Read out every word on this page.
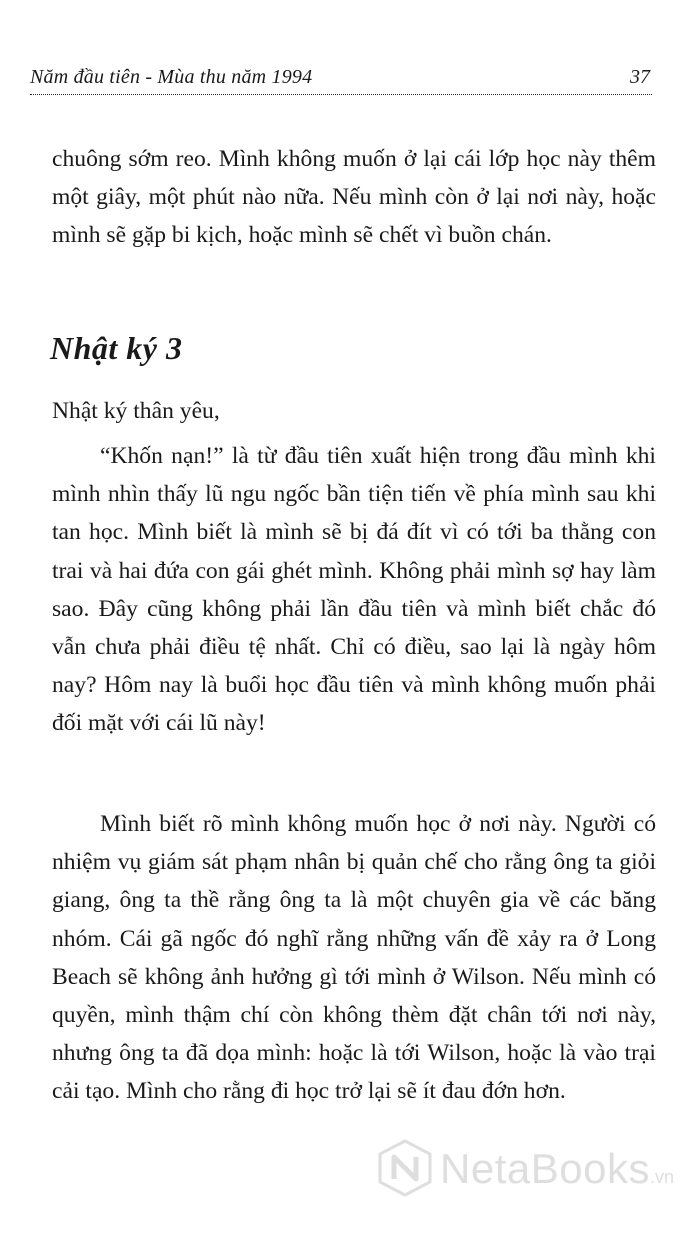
Năm đầu tiên - Mùa thu năm 1994	37

chuông sớm reo. Mình không muốn ở lại cái lớp học này thêm một giây, một phút nào nữa. Nếu mình còn ở lại nơi này, hoặc mình sẽ gặp bi kịch, hoặc mình sẽ chết vì buồn chán.

Nhật ký 3
Nhật ký thân yêu,

“Khốn nạn!” là từ đầu tiên xuất hiện trong đầu mình khi mình nhìn thấy lũ ngu ngốc bần tiện tiến về phía mình sau khi tan học. Mình biết là mình sẽ bị đá đít vì có tới ba thằng con trai và hai đứa con gái ghét mình. Không phải mình sợ hay làm sao. Đây cũng không phải lần đầu tiên và mình biết chắc đó vẫn chưa phải điều tệ nhất. Chỉ có điều, sao lại là ngày hôm nay? Hôm nay là buổi học đầu tiên và mình không muốn phải đối mặt với cái lũ này!

Mình biết rõ mình không muốn học ở nơi này. Người có nhiệm vụ giám sát phạm nhân bị quản chế cho rằng ông ta giỏi giang, ông ta thề rằng ông ta là một chuyên gia về các băng nhóm. Cái gã ngốc đó nghĩ rằng những vấn đề xảy ra ở Long Beach sẽ không ảnh hưởng gì tới mình ở Wilson. Nếu mình có quyền, mình thậm chí còn không thèm đặt chân tới nơi này, nhưng ông ta đã dọa mình: hoặc là tới Wilson, hoặc là vào trại cải tạo. Mình cho rằng đi học trở lại sẽ ít đau đớn hơn.

NetaBooks.vn
